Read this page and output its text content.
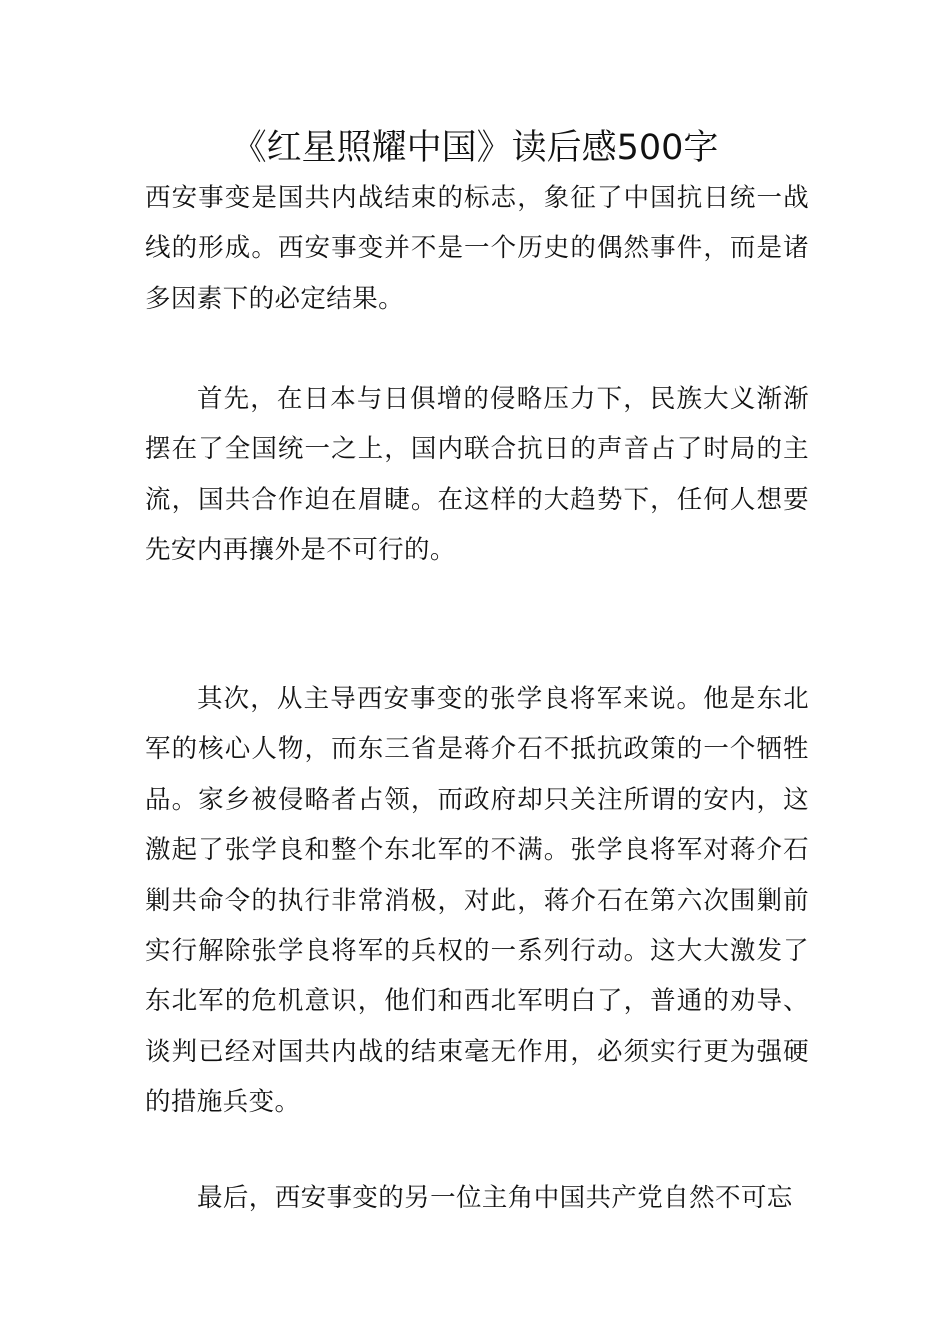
《红星照耀中国》读后感500字

西安事变是国共内战结束的标志，象征了中国抗日统一战线的形成。西安事变并不是一个历史的偶然事件，而是诸多因素下的必定结果。

首先，在日本与日俱增的侵略压力下，民族大义渐渐摆在了全国统一之上，国内联合抗日的声音占了时局的主流，国共合作迫在眉睫。在这样的大趋势下，任何人想要先安内再攘外是不可行的。

其次，从主导西安事变的张学良将军来说。他是东北军的核心人物，而东三省是蒋介石不抵抗政策的一个牺牲品。家乡被侵略者占领，而政府却只关注所谓的安内，这激起了张学良和整个东北军的不满。张学良将军对蒋介石剿共命令的执行非常消极，对此，蒋介石在第六次围剿前实行解除张学良将军的兵权的一系列行动。这大大激发了东北军的危机意识，他们和西北军明白了，普通的劝导、谈判已经对国共内战的结束毫无作用，必须实行更为强硬的措施兵变。

最后，西安事变的另一位主角中国共产党自然不可忘
